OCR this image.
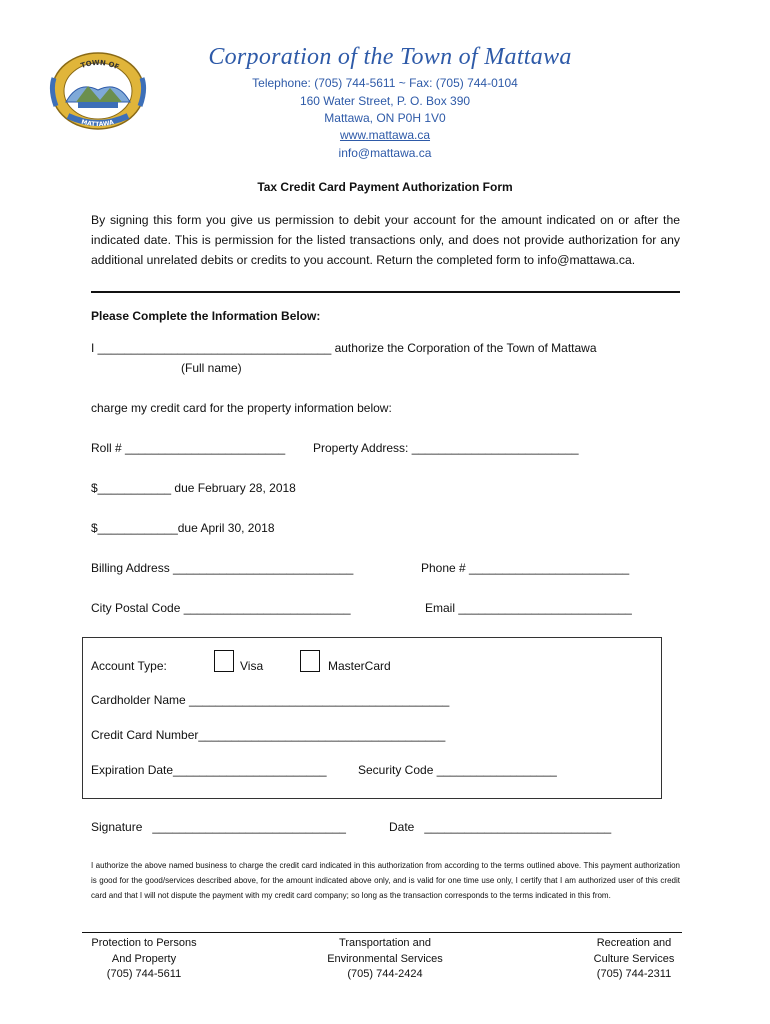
TOWN OF
MATTAWA
Corporation of the Town of Mattawa
Telephone: (705) 744-5611 ~ Fax: (705) 744-0104
160 Water Street, P. O. Box 390
Mattawa, ON P0H 1V0
www.mattawa.ca
info@mattawa.ca
Tax Credit Card Payment Authorization Form
By signing this form you give us permission to debit your account for the amount indicated on or after the indicated date. This is permission for the listed transactions only, and does not provide authorization for any additional unrelated debits or credits to you account. Return the completed form to info@mattawa.ca.
Please Complete the Information Below:
I ___________________________________ authorize the Corporation of the Town of Mattawa
(Full name)
charge my credit card for the property information below:
Roll # ________________________ Property Address: _________________________
$___________ due February 28, 2018
$____________due April 30, 2018
Billing Address ___________________________	Phone # ________________________
City Postal Code _________________________	Email __________________________
Account Type:	Visa	MasterCard
Cardholder Name _______________________________________
Credit Card Number_____________________________________
Expiration Date_______________________	Security Code __________________
Signature   _____________________________	Date   ____________________________
I authorize the above named business to charge the credit card indicated in this authorization from according to the terms outlined above. This payment authorization is good for the good/services described above, for the amount indicated above only, and is valid for one time use only, I certify that I am authorized user of this credit card and that I will not dispute the payment with my credit card company; so long as the transaction corresponds to the terms indicated in this from.
Protection to Persons
And Property
(705) 744-5611
Transportation and
Environmental Services
(705) 744-2424
Recreation and
Culture Services
(705) 744-2311
